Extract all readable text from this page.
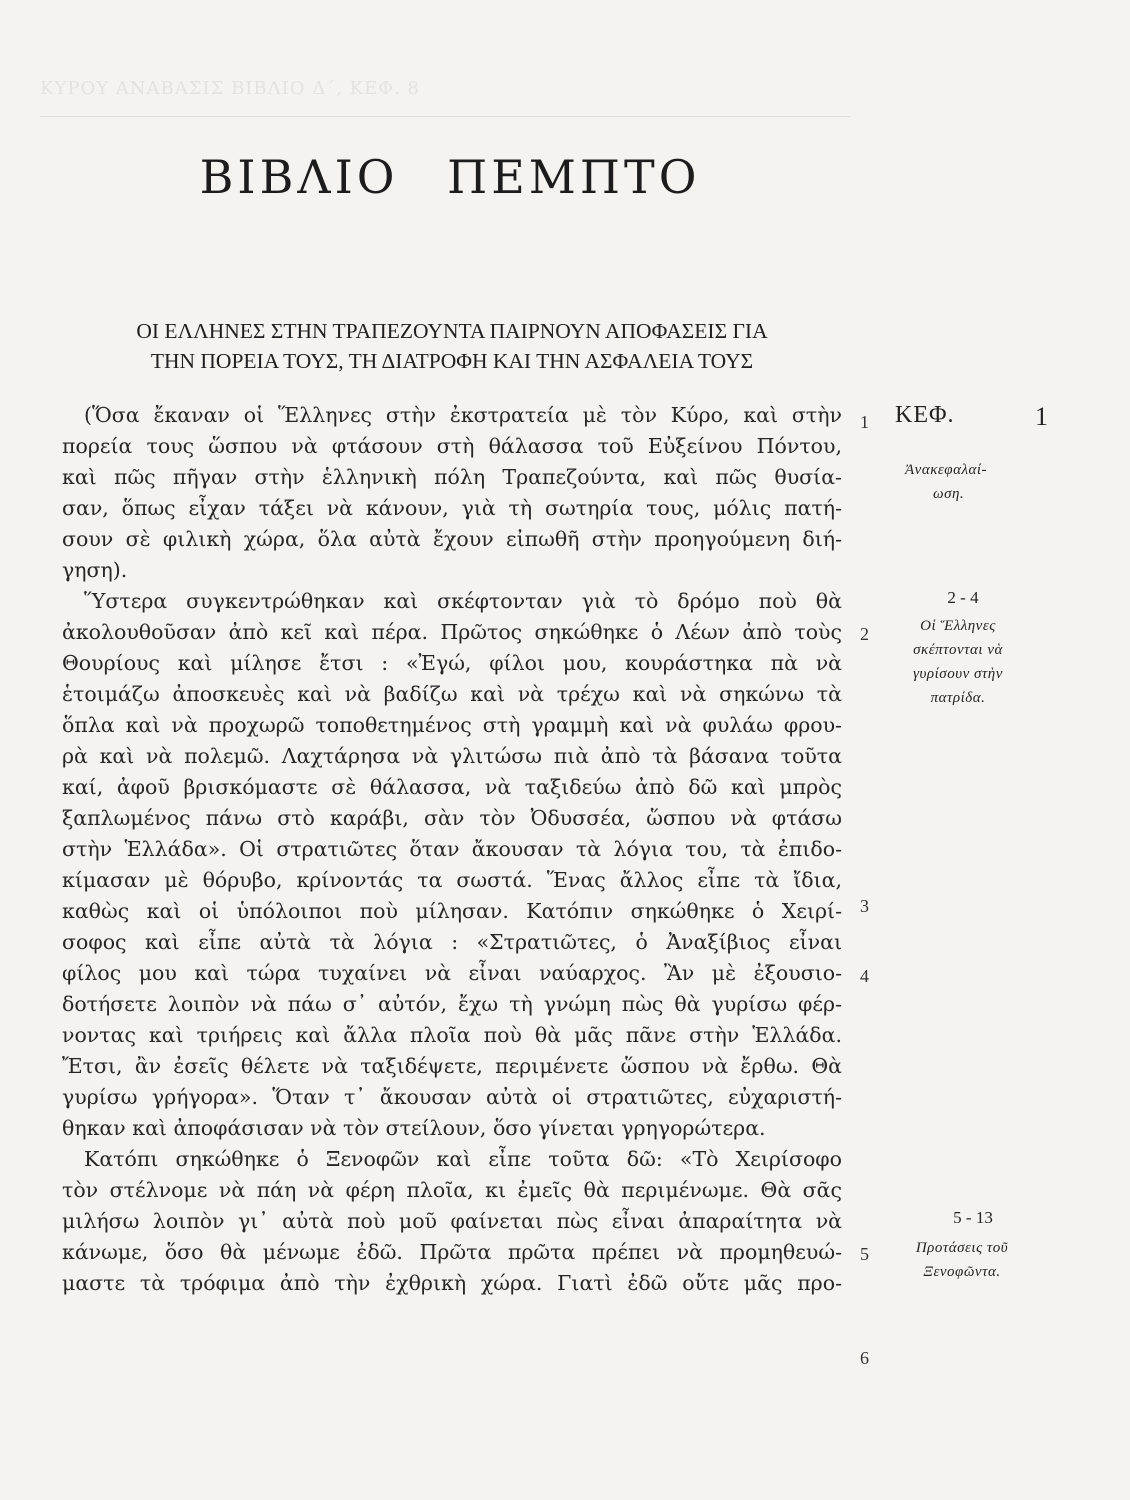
ΚΥΡΟΥ ΑΝΑΒΑΣΙΣ ΒΙΒΛΙΟ Δ΄, ΚΕΦ. 8
ΒΙΒΛΙΟ ΠΕΜΠΤΟ
ΟΙ ΕΛΛΗΝΕΣ ΣΤΗΝ ΤΡΑΠΕΖΟΥΝΤΑ ΠΑΙΡΝΟΥΝ ΑΠΟΦΑΣΕΙΣ ΓΙΑ
ΤΗΝ ΠΟΡΕΙΑ ΤΟΥΣ, ΤΗ ΔΙΑΤΡΟΦΗ ΚΑΙ ΤΗΝ ΑΣΦΑΛΕΙΑ ΤΟΥΣ
(Ὅσα ἔκαναν οἱ Ἕλληνες στὴν ἐκστρατεία μὲ τὸν Κύρο, καὶ στὴν
πορεία τους ὥσπου νὰ φτάσουν στὴ θάλασσα τοῦ Εὐξείνου Πόντου,
καὶ πῶς πῆγαν στὴν ἑλληνικὴ πόλη Τραπεζούντα, καὶ πῶς θυσία-
σαν, ὅπως εἶχαν τάξει νὰ κάνουν, γιὰ τὴ σωτηρία τους, μόλις πατή-
σουν σὲ φιλικὴ χώρα, ὅλα αὐτὰ ἔχουν εἰπωθῆ στὴν προηγούμενη διή-
γηση).
Ὕστερα συγκεντρώθηκαν καὶ σκέφτονταν γιὰ τὸ δρόμο ποὺ θὰ
ἀκολουθοῦσαν ἀπὸ κεῖ καὶ πέρα. Πρῶτος σηκώθηκε ὁ Λέων ἀπὸ τοὺς
Θουρίους καὶ μίλησε ἔτσι : «Ἐγώ, φίλοι μου, κουράστηκα πὰ νὰ
ἑτοιμάζω ἀποσκευὲς καὶ νὰ βαδίζω καὶ νὰ τρέχω καὶ νὰ σηκώνω τὰ
ὅπλα καὶ νὰ προχωρῶ τοποθετημένος στὴ γραμμὴ καὶ νὰ φυλάω φρου-
ρὰ καὶ νὰ πολεμῶ. Λαχτάρησα νὰ γλιτώσω πιὰ ἀπὸ τὰ βάσανα τοῦτα
καί, ἀφοῦ βρισκόμαστε σὲ θάλασσα, νὰ ταξιδεύω ἀπὸ δῶ καὶ μπρὸς
ξαπλωμένος πάνω στὸ καράβι, σὰν τὸν Ὀδυσσέα, ὥσπου νὰ φτάσω
στὴν Ἑλλάδα». Οἱ στρατιῶτες ὅταν ἄκουσαν τὰ λόγια του, τὰ ἐπιδο-
κίμασαν μὲ θόρυβο, κρίνοντάς τα σωστά. Ἕνας ἄλλος εἶπε τὰ ἴδια,
καθὼς καὶ οἱ ὑπόλοιποι ποὺ μίλησαν. Κατόπιν σηκώθηκε ὁ Χειρί-
σοφος καὶ εἶπε αὐτὰ τὰ λόγια : «Στρατιῶτες, ὁ Ἀναξίβιος εἶναι
φίλος μου καὶ τώρα τυχαίνει νὰ εἶναι ναύαρχος. Ἂν μὲ ἐξουσιο-
δοτήσετε λοιπὸν νὰ πάω σ᾿ αὐτόν, ἔχω τὴ γνώμη πὼς θὰ γυρίσω φέρ-
νοντας καὶ τριήρεις καὶ ἄλλα πλοῖα ποὺ θὰ μᾶς πᾶνε στὴν Ἑλλάδα.
Ἔτσι, ἂν ἐσεῖς θέλετε νὰ ταξιδέψετε, περιμένετε ὥσπου νὰ ἔρθω. Θὰ
γυρίσω γρήγορα». Ὅταν τ᾿ ἄκουσαν αὐτὰ οἱ στρατιῶτες, εὐχαριστή-
θηκαν καὶ ἀποφάσισαν νὰ τὸν στείλουν, ὅσο γίνεται γρηγορώτερα.
Κατόπι σηκώθηκε ὁ Ξενοφῶν καὶ εἶπε τοῦτα δῶ: «Τὸ Χειρίσοφο
τὸν στέλνομε νὰ πάη νὰ φέρη πλοῖα, κι ἐμεῖς θὰ περιμένωμε. Θὰ σᾶς
μιλήσω λοιπὸν γι᾿ αὐτὰ ποὺ μοῦ φαίνεται πὼς εἶναι ἀπαραίτητα νὰ
κάνωμε, ὅσο θὰ μένωμε ἐδῶ. Πρῶτα πρῶτα πρέπει νὰ προμηθευώ-
μαστε τὰ τρόφιμα ἀπὸ τὴν ἐχθρικὴ χώρα. Γιατὶ ἐδῶ οὔτε μᾶς προ-
1
2
3
4
5
6
ΚΕΦ.	1
Ἀνακεφαλαί-
ωση.
2 - 4
Οἱ Ἕλληνες
σκέπτονται νὰ
γυρίσουν στὴν
πατρίδα.
5 - 13
Προτάσεις τοῦ
Ξενοφῶντα.
